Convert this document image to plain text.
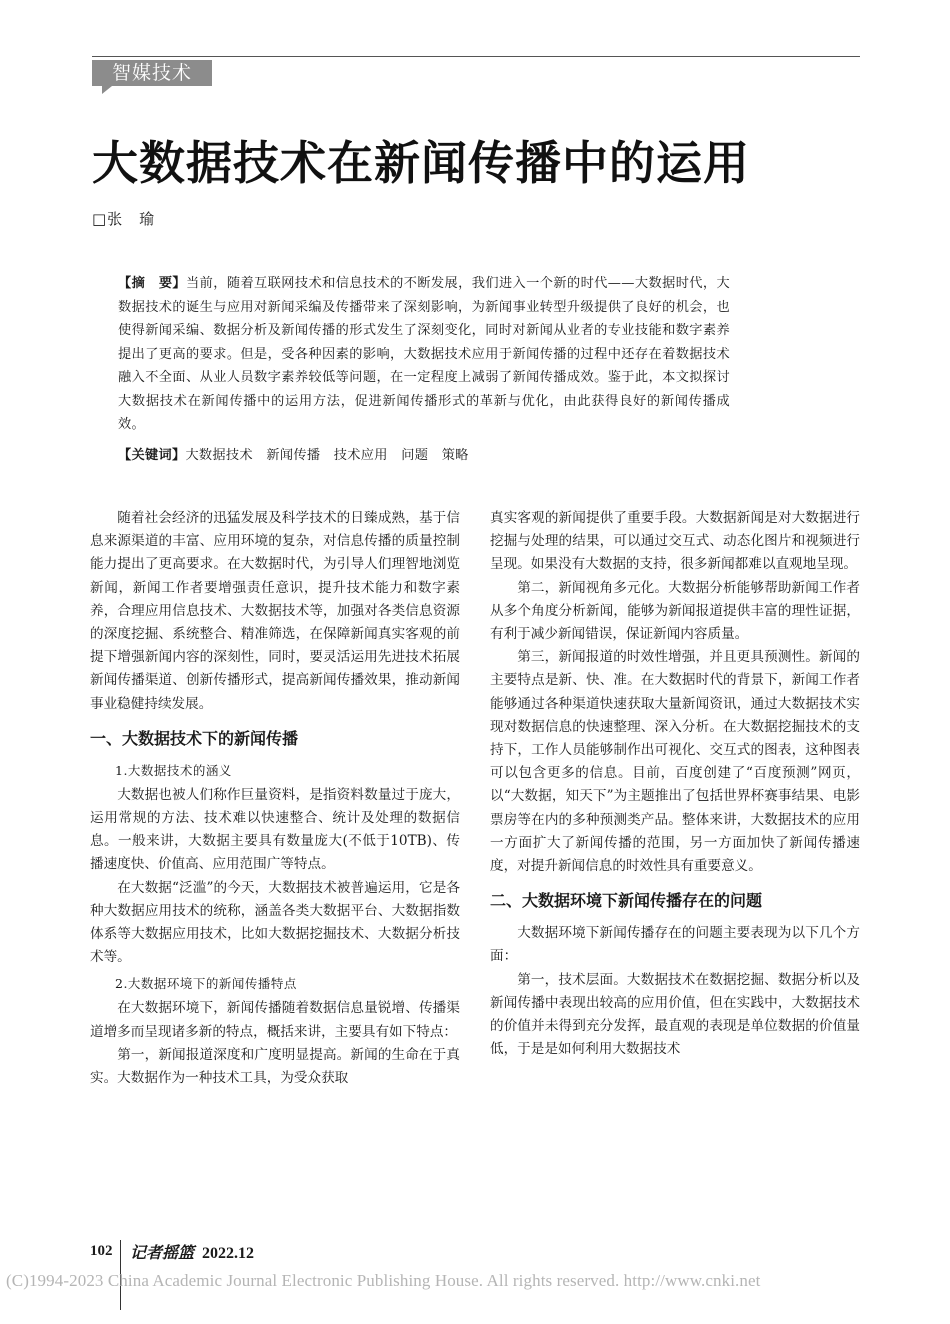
智媒技术
大数据技术在新闻传播中的运用
□张　瑜

【摘　要】当前，随着互联网技术和信息技术的不断发展，我们进入一个新的时代——大数据时代，大数据技术的诞生与应用对新闻采编及传播带来了深刻影响，为新闻事业转型升级提供了良好的机会，也使得新闻采编、数据分析及新闻传播的形式发生了深刻变化，同时对新闻从业者的专业技能和数字素养提出了更高的要求。但是，受各种因素的影响，大数据技术应用于新闻传播的过程中还存在着数据技术融入不全面、从业人员数字素养较低等问题，在一定程度上减弱了新闻传播成效。鉴于此，本文拟探讨大数据技术在新闻传播中的运用方法，促进新闻传播形式的革新与优化，由此获得良好的新闻传播成效。

【关键词】大数据技术　新闻传播　技术应用　问题　策略

随着社会经济的迅猛发展及科学技术的日臻成熟，基于信息来源渠道的丰富、应用环境的复杂，对信息传播的质量控制能力提出了更高要求。在大数据时代，为引导人们理智地浏览新闻，新闻工作者要增强责任意识，提升技术能力和数字素养，合理应用信息技术、大数据技术等，加强对各类信息资源的深度挖掘、系统整合、精准筛选，在保障新闻真实客观的前提下增强新闻内容的深刻性，同时，要灵活运用先进技术拓展新闻传播渠道、创新传播形式，提高新闻传播效果，推动新闻事业稳健持续发展。

一、大数据技术下的新闻传播
1.大数据技术的涵义

大数据也被人们称作巨量资料，是指资料数量过于庞大，运用常规的方法、技术难以快速整合、统计及处理的数据信息。一般来讲，大数据主要具有数量庞大(不低于10TB)、传播速度快、价值高、应用范围广等特点。

在大数据“泛滥”的今天，大数据技术被普遍运用，它是各种大数据应用技术的统称，涵盖各类大数据平台、大数据指数体系等大数据应用技术，比如大数据挖掘技术、大数据分析技术等。

2.大数据环境下的新闻传播特点

在大数据环境下，新闻传播随着数据信息量锐增、传播渠道增多而呈现诸多新的特点，概括来讲，主要具有如下特点：

第一，新闻报道深度和广度明显提高。新闻的生命在于真实。大数据作为一种技术工具，为受众获取

真实客观的新闻提供了重要手段。大数据新闻是对大数据进行挖掘与处理的结果，可以通过交互式、动态化图片和视频进行呈现。如果没有大数据的支持，很多新闻都难以直观地呈现。

第二，新闻视角多元化。大数据分析能够帮助新闻工作者从多个角度分析新闻，能够为新闻报道提供丰富的理性证据，有利于减少新闻错误，保证新闻内容质量。

第三，新闻报道的时效性增强，并且更具预测性。新闻的主要特点是新、快、准。在大数据时代的背景下，新闻工作者能够通过各种渠道快速获取大量新闻资讯，通过大数据技术实现对数据信息的快速整理、深入分析。在大数据挖掘技术的支持下，工作人员能够制作出可视化、交互式的图表，这种图表可以包含更多的信息。目前，百度创建了“百度预测”网页，以“大数据，知天下”为主题推出了包括世界杯赛事结果、电影票房等在内的多种预测类产品。整体来讲，大数据技术的应用一方面扩大了新闻传播的范围，另一方面加快了新闻传播速度，对提升新闻信息的时效性具有重要意义。

二、大数据环境下新闻传播存在的问题

大数据环境下新闻传播存在的问题主要表现为以下几个方面：

第一，技术层面。大数据技术在数据挖掘、数据分析以及新闻传播中表现出较高的应用价值，但在实践中，大数据技术的价值并未得到充分发挥，最直观的表现是单位数据的价值量低，于是是如何利用大数据技术

102 记者摇篮 2022.12
(C)1994-2023 China Academic Journal Electronic Publishing House. All rights reserved. http://www.cnki.net
